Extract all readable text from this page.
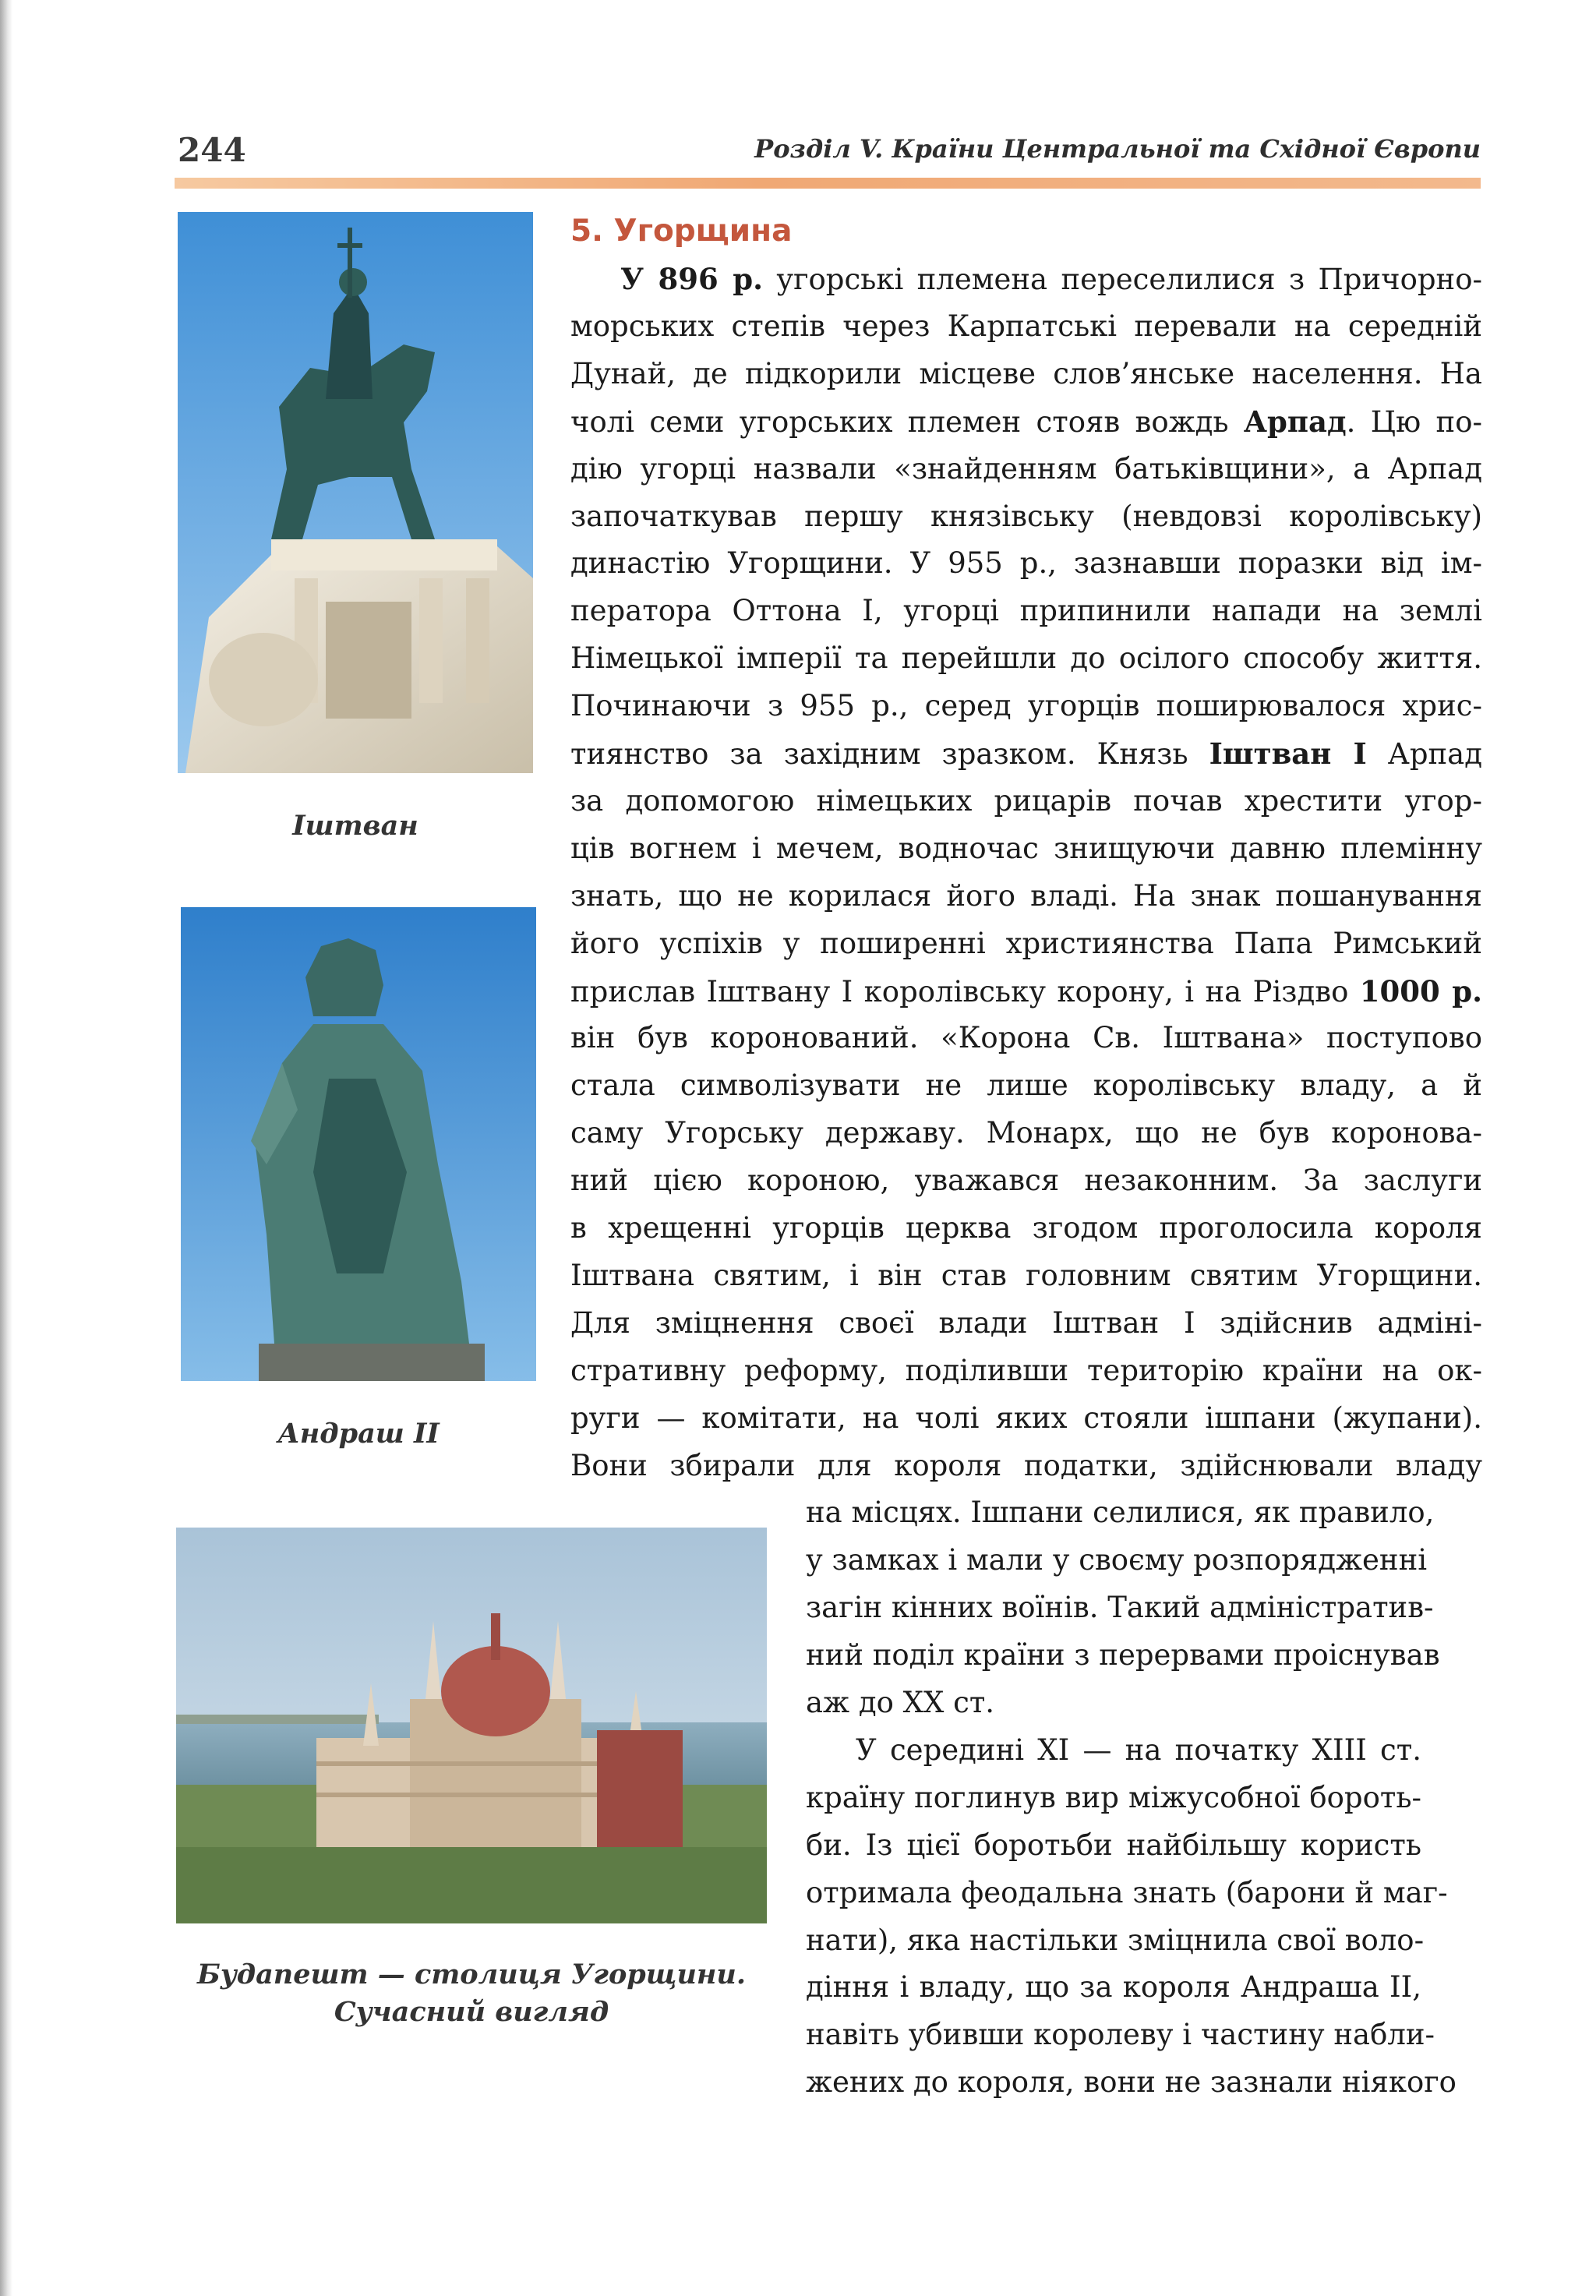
244	Розділ V. Країни Центральної та Східної Європи
Іштван
Андраш II
Будапешт — столиця Угорщини.
Сучасний вигляд
5. Угорщина
У 896 р. угорські племена переселилися з Причорно-
морських степів через Карпатські перевали на середній
Дунай, де підкорили місцеве слов’янське населення. На
чолі семи угорських племен стояв вождь Арпад. Цю по-
дію угорці назвали «знайденням батьківщини», а Арпад
започаткував першу князівську (невдовзі королівську)
династію Угорщини. У 955 р., зазнавши поразки від ім-
ператора Оттона І, угорці припинили напади на землі
Німецької імперії та перейшли до осілого способу життя.
Починаючи з 955 р., серед угорців поширювалося хрис-
тиянство за західним зразком. Князь Іштван І Арпад
за допомогою німецьких рицарів почав хрестити угор-
ців вогнем і мечем, водночас знищуючи давню племінну
знать, що не корилася його владі. На знак пошанування
його успіхів у поширенні християнства Папа Римський
прислав Іштвану І королівську корону, і на Різдво 1000 р.
він був коронований. «Корона Св. Іштвана» поступово
стала символізувати не лише королівську владу, а й
саму Угорську державу. Монарх, що не був коронова-
ний цією короною, уважався незаконним. За заслуги
в хрещенні угорців церква згодом проголосила короля
Іштвана святим, і він став головним святим Угорщини.
Для зміцнення своєї влади Іштван І здійснив адміні-
стративну реформу, поділивши територію країни на ок-
руги — комітати, на чолі яких стояли ішпани (жупани).
Вони збирали для короля податки, здійснювали владу
на місцях. Ішпани селилися, як правило,
у замках і мали у своєму розпорядженні
загін кінних воїнів. Такий адміністратив-
ний поділ країни з перервами проіснував
аж до XX ст.
У середині XI — на початку XIII ст.
країну поглинув вир міжусобної бороть-
би. Із цієї боротьби найбільшу користь
отримала феодальна знать (барони й маг-
нати), яка настільки зміцнила свої воло-
діння і владу, що за короля Андраша II,
навіть убивши королеву і частину набли-
жених до короля, вони не зазнали ніякого
